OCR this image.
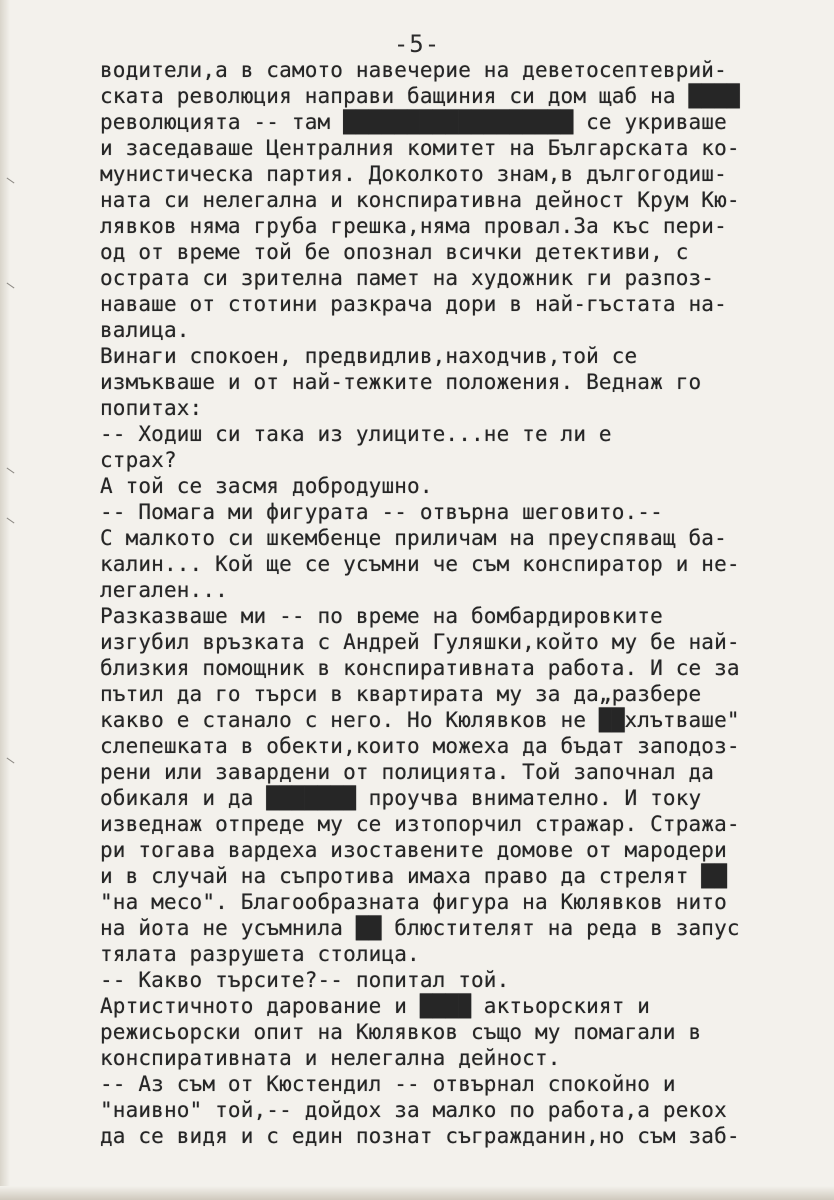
-5-
водители,а в самото навечерие на деветосептеврий-
ската революция направи бащиния си дом щаб на ████
революцията -- там ██████████████████ се укриваше
и заседаваше Централния комитет на Българската ко-
мунистическа партия. Доколкото знам,в дългогодиш-
ната си нелегална и конспиративна дейност Крум Кю-
лявков няма груба грешка,няма провал.За къс пери-
од от време той бе опознал всички детективи, с
острата си зрителна памет на художник ги разпоз-
наваше от стотини разкрача дори в най-гъстата на-
валица.
Винаги спокоен, предвидлив,находчив,той се
измъкваше и от най-тежките положения. Веднаж го
попитах:
-- Ходиш си така из улиците...не те ли е
страх?
А той се засмя добродушно.
-- Помага ми фигурата -- отвърна шеговито.--
С малкото си шкембенце приличам на преуспяващ ба-
калин... Кой ще се усъмни че съм конспиратор и не-
легален...
Разказваше ми -- по време на бомбардировките
изгубил връзката с Андрей Гуляшки,който му бе най-
близкия помощник в конспиративната работа. И се за
пътил да го търси в квартирата му за да„разбере
какво е станало с него. Но Кюлявков не ██хлътваше"
слепешката в обекти,които можеха да бъдат заподоз-
рени или завардени от полицията. Той започнал да
обикаля и да ███████ проучва внимателно. И току
изведнаж отпреде му се изтопорчил стражар. Стража-
ри тогава вардеха изоставените домове от мародери
и в случай на съпротива имаха право да стрелят ██
"на месо". Благообразната фигура на Кюлявков нито
на йота не усъмнила ██ блюстителят на реда в запус
тялата разрушета столица.
-- Какво търсите?-- попитал той.
Артистичното дарование и ████ актьорският и
режисьорски опит на Кюлявков също му помагали в
конспиративната и нелегална дейност.
-- Аз съм от Кюстендил -- отвърнал спокойно и
"наивно" той,-- дойдох за малко по работа,а рекох
да се видя и с един познат съгражданин,но съм заб-
